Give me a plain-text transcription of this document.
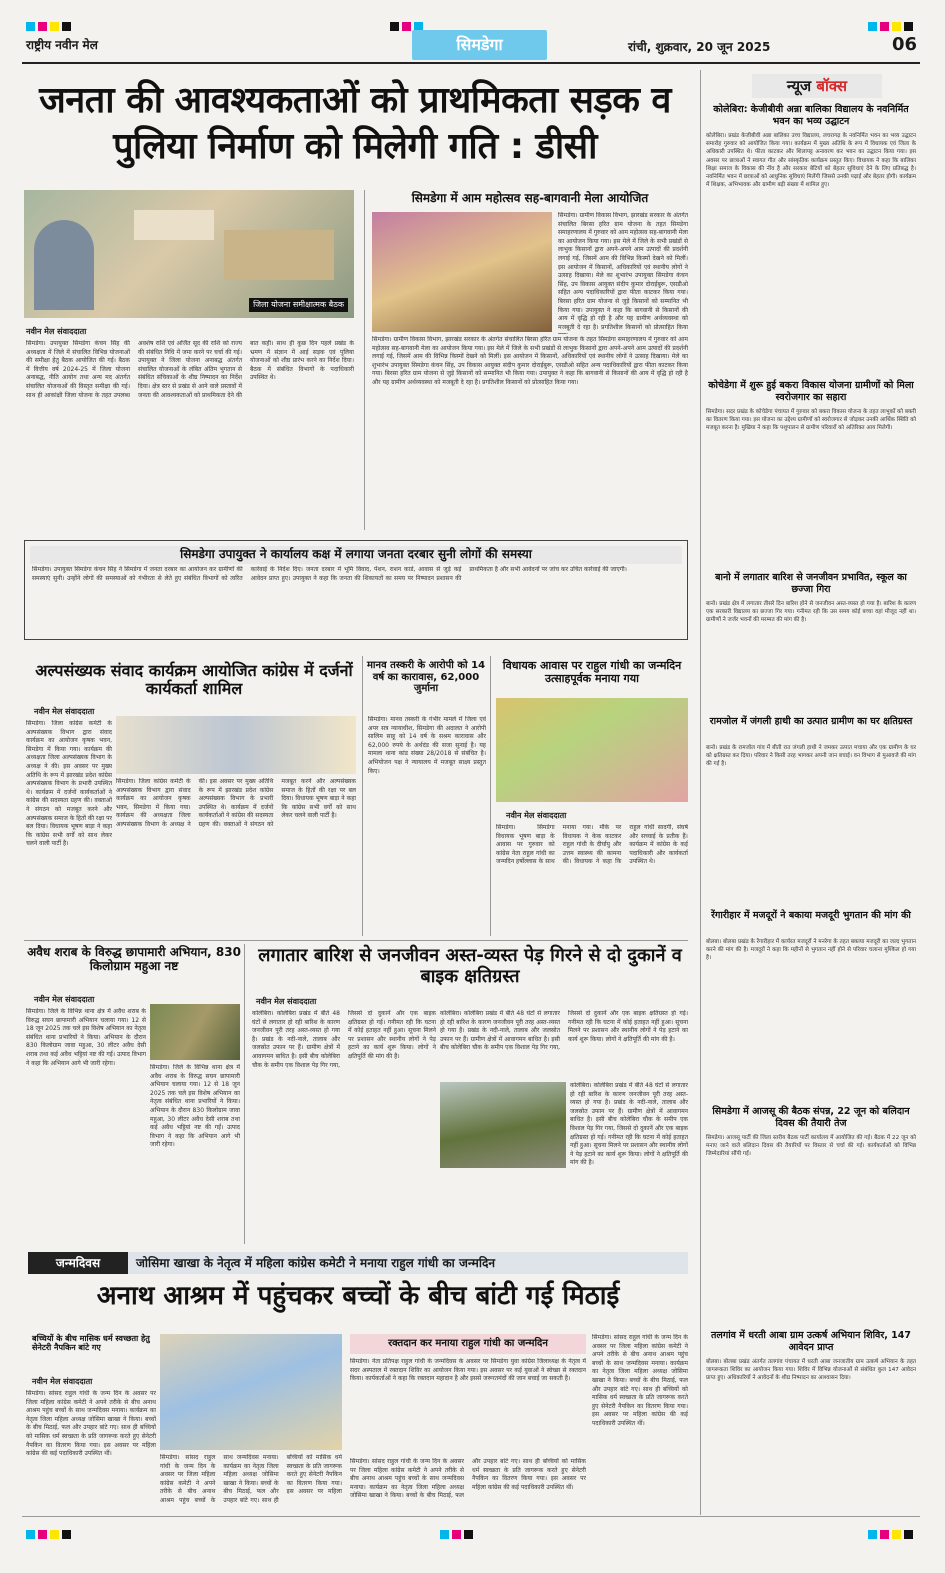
राष्ट्रीय नवीन मेल	सिमडेगा	रांची, शुक्रवार, 20 जून 2025	06
जनता की आवश्यकताओं को प्राथमिकता सड़क व पुलिया निर्माण को मिलेगी गति : डीसी
जिला योजना समीक्षात्मक बैठक
नवीन मेल संवाददाता
सिमडेगा। उपायुक्त सिमडेगा कंचन सिंह की अध्यक्षता में जिले में संचालित विभिन्न योजनाओं की समीक्षा हेतु बैठक आयोजित की गई। बैठक में वित्तीय वर्ष 2024-25 में जिला योजना अनाबद्ध, नीति आयोग तथा अन्य मद अंतर्गत संचालित योजनाओं की विस्तृत समीक्षा की गई। साथ ही आकांक्षी जिला योजना के तहत उपलब्ध अवशेष राशि एवं अर्जित सूद की राशि को राज्य की संबंधित निधि में जमा करने पर चर्चा की गई। उपायुक्त ने जिला योजना अनाबद्ध अंतर्गत संचालित योजनाओं के लंबित अंतिम भुगतान से संबंधित संचिकाओं के शीघ्र निष्पादन का निर्देश दिया। क्षेत्र स्तर से प्रखंड से आने वाले प्रस्तावों में जनता की आवश्यकताओं को प्राथमिकता देने की बात कही। साथ ही कुछ दिन पहले प्रखंड के भ्रमण में संज्ञान में आई सड़क एवं पुलिया योजनाओं को शीघ्र प्रारंभ करने का निर्देश दिया। बैठक में संबंधित विभागों के पदाधिकारी उपस्थित थे।
सिमडेगा में आम महोत्सव सह-बागवानी मेला आयोजित
सिमडेगा। ग्रामीण विकास विभाग, झारखंड सरकार के अंतर्गत संचालित बिरसा हरित ग्राम योजना के तहत सिमडेगा समाहरणालय में गुरुवार को आम महोत्सव सह-बागवानी मेला का आयोजन किया गया। इस मेले में जिले के सभी प्रखंडों से लाभुक किसानों द्वारा अपने-अपने आम उत्पादों की प्रदर्शनी लगाई गई, जिसमें आम की विभिन्न किस्मों देखने को मिलीं। इस आयोजन में किसानों, अधिकारियों एवं स्थानीय लोगों ने उत्साह दिखाया। मेले का शुभारंभ उपायुक्त सिमडेगा कंचन सिंह, उप विकास आयुक्त संदीप कुमार दोराईबुरू, एसडीओ सहित अन्य पदाधिकारियों द्वारा फीता काटकर किया गया। बिरसा हरित ग्राम योजना से जुड़े किसानों को सम्मानित भी किया गया। उपायुक्त ने कहा कि बागवानी से किसानों की आय में वृद्धि हो रही है और यह ग्रामीण अर्थव्यवस्था को मजबूती दे रहा है। प्रगतिशील किसानों को प्रोत्साहित किया
सिमडेगा। ग्रामीण विकास विभाग, झारखंड सरकार के अंतर्गत संचालित बिरसा हरित ग्राम योजना के तहत सिमडेगा समाहरणालय में गुरुवार को आम महोत्सव सह-बागवानी मेला का आयोजन किया गया। इस मेले में जिले के सभी प्रखंडों से लाभुक किसानों द्वारा अपने-अपने आम उत्पादों की प्रदर्शनी लगाई गई, जिसमें आम की विभिन्न किस्मों देखने को मिलीं। इस आयोजन में किसानों, अधिकारियों एवं स्थानीय लोगों ने उत्साह दिखाया। मेले का शुभारंभ उपायुक्त सिमडेगा कंचन सिंह, उप विकास आयुक्त संदीप कुमार दोराईबुरू, एसडीओ सहित अन्य पदाधिकारियों द्वारा फीता काटकर किया गया। बिरसा हरित ग्राम योजना से जुड़े किसानों को सम्मानित भी किया गया। उपायुक्त ने कहा कि बागवानी से किसानों की आय में वृद्धि हो रही है और यह ग्रामीण अर्थव्यवस्था को मजबूती दे रहा है। प्रगतिशील किसानों को प्रोत्साहित किया गया।
सिमडेगा उपायुक्त ने कार्यालय कक्ष में लगाया जनता दरबार सुनी लोगों की समस्या
सिमडेगा। उपायुक्त सिमडेगा कंचन सिंह ने सिमडेगा में जनता दरबार का आयोजन कर ग्रामीणों की समस्याएं सुनी। उन्होंने लोगों की समस्याओं को गंभीरता से लेते हुए संबंधित विभागों को त्वरित कार्रवाई के निर्देश दिए। जनता दरबार में भूमि विवाद, पेंशन, राशन कार्ड, आवास से जुड़े कई आवेदन प्राप्त हुए। उपायुक्त ने कहा कि जनता की शिकायतों का समय पर निष्पादन प्रशासन की प्राथमिकता है और सभी आवेदनों पर जांच कर उचित कार्रवाई की जाएगी।
अल्पसंख्यक संवाद कार्यक्रम आयोजित कांग्रेस में दर्जनों कार्यकर्ता शामिल
नवीन मेल संवाददाता
सिमडेगा। जिला कांग्रेस कमेटी के अल्पसंख्यक विभाग द्वारा संवाद कार्यक्रम का आयोजन कृषक भवन, सिमडेगा में किया गया। कार्यक्रम की अध्यक्षता जिला अल्पसंख्यक विभाग के अध्यक्ष ने की। इस अवसर पर मुख्य अतिथि के रूप में झारखंड प्रदेश कांग्रेस अल्पसंख्यक विभाग के प्रभारी उपस्थित थे। कार्यक्रम में दर्जनों कार्यकर्ताओं ने कांग्रेस की सदस्यता ग्रहण की। वक्ताओं ने संगठन को मजबूत करने और अल्पसंख्यक समाज के हितों की रक्षा पर बल दिया। विधायक भूषण बाड़ा ने कहा कि कांग्रेस सभी वर्गों को साथ लेकर चलने वाली पार्टी है।
सिमडेगा। जिला कांग्रेस कमेटी के अल्पसंख्यक विभाग द्वारा संवाद कार्यक्रम का आयोजन कृषक भवन, सिमडेगा में किया गया। कार्यक्रम की अध्यक्षता जिला अल्पसंख्यक विभाग के अध्यक्ष ने की। इस अवसर पर मुख्य अतिथि के रूप में झारखंड प्रदेश कांग्रेस अल्पसंख्यक विभाग के प्रभारी उपस्थित थे। कार्यक्रम में दर्जनों कार्यकर्ताओं ने कांग्रेस की सदस्यता ग्रहण की। वक्ताओं ने संगठन को मजबूत करने और अल्पसंख्यक समाज के हितों की रक्षा पर बल दिया। विधायक भूषण बाड़ा ने कहा कि कांग्रेस सभी वर्गों को साथ लेकर चलने वाली पार्टी है।
मानव तस्करी के आरोपी को 14 वर्ष का कारावास, 62,000 जुर्माना
सिमडेगा। मानव तस्करी के गंभीर मामले में जिला एवं अपर सत्र न्यायाधीश, सिमडेगा की अदालत ने आरोपी सालिम साहू को 14 वर्ष के सश्रम कारावास और 62,000 रुपये के अर्थदंड की सजा सुनाई है। यह मामला थाना कांड संख्या 28/2018 से संबंधित है। अभियोजन पक्ष ने न्यायालय में मजबूत साक्ष्य प्रस्तुत किए।
विधायक आवास पर राहुल गांधी का जन्मदिन उत्साहपूर्वक मनाया गया
नवीन मेल संवाददाता
सिमडेगा। सिमडेगा विधायक भूषण बाड़ा के आवास पर गुरुवार को कांग्रेस नेता राहुल गांधी का जन्मदिन हर्षोल्लास के साथ मनाया गया। मौके पर विधायक ने केक काटकर राहुल गांधी के दीर्घायु और उत्तम स्वास्थ्य की कामना की। विधायक ने कहा कि राहुल गांधी सादगी, संघर्ष और सच्चाई के प्रतीक हैं। कार्यक्रम में कांग्रेस के कई पदाधिकारी और कार्यकर्ता उपस्थित थे।
अवैध शराब के विरुद्ध छापामारी अभियान, 830 किलोग्राम महुआ नष्ट
नवीन मेल संवाददाता
सिमडेगा। जिले के विभिन्न थाना क्षेत्र में अवैध शराब के विरुद्ध सघन छापामारी अभियान चलाया गया। 12 से 18 जून 2025 तक चले इस विशेष अभियान का नेतृत्व संबंधित थाना प्रभारियों ने किया। अभियान के दौरान 830 किलोग्राम जावा महुआ, 30 लीटर अवैध देसी शराब तथा कई अवैध भट्ठियां नष्ट की गईं। उत्पाद विभाग ने कहा कि अभियान आगे भी जारी रहेगा।
सिमडेगा। जिले के विभिन्न थाना क्षेत्र में अवैध शराब के विरुद्ध सघन छापामारी अभियान चलाया गया। 12 से 18 जून 2025 तक चले इस विशेष अभियान का नेतृत्व संबंधित थाना प्रभारियों ने किया। अभियान के दौरान 830 किलोग्राम जावा महुआ, 30 लीटर अवैध देसी शराब तथा कई अवैध भट्ठियां नष्ट की गईं। उत्पाद विभाग ने कहा कि अभियान आगे भी जारी रहेगा।
लगातार बारिश से जनजीवन अस्त-व्यस्त पेड़ गिरने से दो दुकानें व बाइक क्षतिग्रस्त
नवीन मेल संवाददाता
कोलेबिरा। कोलेबिरा प्रखंड में बीते 48 घंटों से लगातार हो रही बारिश के कारण जनजीवन पूरी तरह अस्त-व्यस्त हो गया है। प्रखंड के नदी-नाले, तालाब और जलस्रोत उफान पर हैं। ग्रामीण क्षेत्रों में आवागमन बाधित है। इसी बीच कोलेबिरा चौक के समीप एक विशाल पेड़ गिर गया, जिससे दो दुकानें और एक बाइक क्षतिग्रस्त हो गई। गनीमत रही कि घटना में कोई हताहत नहीं हुआ। सूचना मिलने पर प्रशासन और स्थानीय लोगों ने पेड़ हटाने का कार्य शुरू किया। लोगों ने क्षतिपूर्ति की मांग की है।
कोलेबिरा। कोलेबिरा प्रखंड में बीते 48 घंटों से लगातार हो रही बारिश के कारण जनजीवन पूरी तरह अस्त-व्यस्त हो गया है। प्रखंड के नदी-नाले, तालाब और जलस्रोत उफान पर हैं। ग्रामीण क्षेत्रों में आवागमन बाधित है। इसी बीच कोलेबिरा चौक के समीप एक विशाल पेड़ गिर गया, जिससे दो दुकानें और एक बाइक क्षतिग्रस्त हो गई। गनीमत रही कि घटना में कोई हताहत नहीं हुआ। सूचना मिलने पर प्रशासन और स्थानीय लोगों ने पेड़ हटाने का कार्य शुरू किया। लोगों ने क्षतिपूर्ति की मांग की है।
कोलेबिरा। कोलेबिरा प्रखंड में बीते 48 घंटों से लगातार हो रही बारिश के कारण जनजीवन पूरी तरह अस्त-व्यस्त हो गया है। प्रखंड के नदी-नाले, तालाब और जलस्रोत उफान पर हैं। ग्रामीण क्षेत्रों में आवागमन बाधित है। इसी बीच कोलेबिरा चौक के समीप एक विशाल पेड़ गिर गया, जिससे दो दुकानें और एक बाइक क्षतिग्रस्त हो गई। गनीमत रही कि घटना में कोई हताहत नहीं हुआ। सूचना मिलने पर प्रशासन और स्थानीय लोगों ने पेड़ हटाने का कार्य शुरू किया। लोगों ने क्षतिपूर्ति की मांग की है।
जन्मदिवस	जोसिमा खाखा के नेतृत्व में महिला कांग्रेस कमेटी ने मनाया राहुल गांधी का जन्मदिन
अनाथ आश्रम में पहुंचकर बच्चों के बीच बांटी गई मिठाई
बच्चियों के बीच मासिक धर्म स्वच्छता हेतु सेनेटरी नैपकिन बांटे गए
नवीन मेल संवाददाता
सिमडेगा। सांसद राहुल गांधी के जन्म दिन के अवसर पर जिला महिला कांग्रेस कमेटी ने अपने तरीके से बीच अनाथ आश्रम पहुंच बच्चों के साथ जन्मदिवस मनाया। कार्यक्रम का नेतृत्व जिला महिला अध्यक्ष जोसिमा खाखा ने किया। बच्चों के बीच मिठाई, फल और उपहार बांटे गए। साथ ही बच्चियों को मासिक धर्म स्वच्छता के प्रति जागरूक करते हुए सेनेटरी नैपकिन का वितरण किया गया। इस अवसर पर महिला कांग्रेस की कई पदाधिकारी उपस्थित थीं।
सिमडेगा। सांसद राहुल गांधी के जन्म दिन के अवसर पर जिला महिला कांग्रेस कमेटी ने अपने तरीके से बीच अनाथ आश्रम पहुंच बच्चों के साथ जन्मदिवस मनाया। कार्यक्रम का नेतृत्व जिला महिला अध्यक्ष जोसिमा खाखा ने किया। बच्चों के बीच मिठाई, फल और उपहार बांटे गए। साथ ही बच्चियों को मासिक धर्म स्वच्छता के प्रति जागरूक करते हुए सेनेटरी नैपकिन का वितरण किया गया। इस अवसर पर महिला
रक्तदान कर मनाया राहुल गांधी का जन्मदिन
सिमडेगा। नेता प्रतिपक्ष राहुल गांधी के जन्मदिवस के अवसर पर सिमडेगा युवा कांग्रेस जिलाध्यक्ष के नेतृत्व में सदर अस्पताल में रक्तदान शिविर का आयोजन किया गया। इस अवसर पर कई युवाओं ने स्वेच्छा से रक्तदान किया। कार्यकर्ताओं ने कहा कि रक्तदान महादान है और इससे जरूरतमंदों की जान बचाई जा सकती है।
सिमडेगा। सांसद राहुल गांधी के जन्म दिन के अवसर पर जिला महिला कांग्रेस कमेटी ने अपने तरीके से बीच अनाथ आश्रम पहुंच बच्चों के साथ जन्मदिवस मनाया। कार्यक्रम का नेतृत्व जिला महिला अध्यक्ष जोसिमा खाखा ने किया। बच्चों के बीच मिठाई, फल और उपहार बांटे गए। साथ ही बच्चियों को मासिक धर्म स्वच्छता के प्रति जागरूक करते हुए सेनेटरी नैपकिन का वितरण किया गया। इस अवसर पर महिला कांग्रेस की कई पदाधिकारी उपस्थित थीं।
सिमडेगा। सांसद राहुल गांधी के जन्म दिन के अवसर पर जिला महिला कांग्रेस कमेटी ने अपने तरीके से बीच अनाथ आश्रम पहुंच बच्चों के साथ जन्मदिवस मनाया। कार्यक्रम का नेतृत्व जिला महिला अध्यक्ष जोसिमा खाखा ने किया। बच्चों के बीच मिठाई, फल और उपहार बांटे गए। साथ ही बच्चियों को मासिक धर्म स्वच्छता के प्रति जागरूक करते हुए सेनेटरी नैपकिन का वितरण किया गया। इस अवसर पर महिला कांग्रेस की कई पदाधिकारी उपस्थित थीं।
न्यूज बॉक्स
कोलेबिरा: केजीबीवी अन्ना बालिका विद्यालय के नवनिर्मित भवन का भव्य उद्घाटन
कोलेबिरा। प्रखंड केजीबीवी अन्ना बालिका उच्च विद्यालय, लचरागढ़ के नवनिर्मित भवन का भव्य उद्घाटन समारोह गुरुवार को आयोजित किया गया। कार्यक्रम में मुख्य अतिथि के रूप में विधायक एवं जिला के अधिकारी उपस्थित थे। फीता काटकर और शिलापट्ट अनावरण कर भवन का उद्घाटन किया गया। इस अवसर पर छात्राओं ने स्वागत गीत और सांस्कृतिक कार्यक्रम प्रस्तुत किए। विधायक ने कहा कि बालिका शिक्षा समाज के विकास की नींव है और सरकार बेटियों को बेहतर सुविधाएं देने के लिए प्रतिबद्ध है। नवनिर्मित भवन में छात्राओं को आधुनिक सुविधाएं मिलेंगी जिससे उनकी पढ़ाई और बेहतर होगी। कार्यक्रम में शिक्षक, अभिभावक और ग्रामीण बड़ी संख्या में शामिल हुए।
कोचेडेगा में शुरू हुई बकरा विकास योजना ग्रामीणों को मिला स्वरोजगार का सहारा
सिमडेगा। सदर प्रखंड के कोचेडेगा पंचायत में गुरुवार को बकरा विकास योजना के तहत लाभुकों को बकरी का वितरण किया गया। इस योजना का उद्देश्य ग्रामीणों को स्वरोजगार से जोड़कर उनकी आर्थिक स्थिति को मजबूत करना है। मुखिया ने कहा कि पशुपालन से ग्रामीण परिवारों को अतिरिक्त आय मिलेगी।
बानो में लगातार बारिश से जनजीवन प्रभावित, स्कूल का छज्जा गिरा
बानो। प्रखंड क्षेत्र में लगातार तीसरे दिन बारिश होने से जनजीवन अस्त-व्यस्त हो गया है। बारिश के कारण एक सरकारी विद्यालय का छज्जा गिर गया। गनीमत रही कि उस समय कोई बच्चा वहां मौजूद नहीं था। ग्रामीणों ने जर्जर भवनों की मरम्मत की मांग की है।
रामजोल में जंगली हाथी का उत्पात ग्रामीण का घर क्षतिग्रस्त
बानो। प्रखंड के रामजोल गांव में बीती रात जंगली हाथी ने जमकर उत्पात मचाया और एक ग्रामीण के घर को क्षतिग्रस्त कर दिया। परिवार ने किसी तरह भागकर अपनी जान बचाई। वन विभाग से मुआवजे की मांग की गई है।
रेंगारीहार में मजदूरों ने बकाया मजदूरी भुगतान की मांग की
बोलबा। बोलबा प्रखंड के रेंगारीहार में कार्यरत मजदूरों ने मनरेगा के तहत बकाया मजदूरी का जल्द भुगतान करने की मांग की है। मजदूरों ने कहा कि महीनों से भुगतान नहीं होने से परिवार चलाना मुश्किल हो गया है।
सिमडेगा में आजसू की बैठक संपन्न, 22 जून को बलिदान दिवस की तैयारी तेज
सिमडेगा। आजसू पार्टी की जिला स्तरीय बैठक पार्टी कार्यालय में आयोजित की गई। बैठक में 22 जून को मनाए जाने वाले बलिदान दिवस की तैयारियों पर विस्तार से चर्चा की गई। कार्यकर्ताओं को विभिन्न जिम्मेदारियां सौंपी गईं।
तलगांव में धरती आबा ग्राम उत्कर्ष अभियान शिविर, 147 आवेदन प्राप्त
बोलबा। बोलबा प्रखंड अंतर्गत तलगांव पंचायत में धरती आबा जनजातीय ग्राम उत्कर्ष अभियान के तहत जागरूकता शिविर का आयोजन किया गया। शिविर में विभिन्न योजनाओं से संबंधित कुल 147 आवेदन प्राप्त हुए। अधिकारियों ने आवेदनों के शीघ्र निष्पादन का आश्वासन दिया।
